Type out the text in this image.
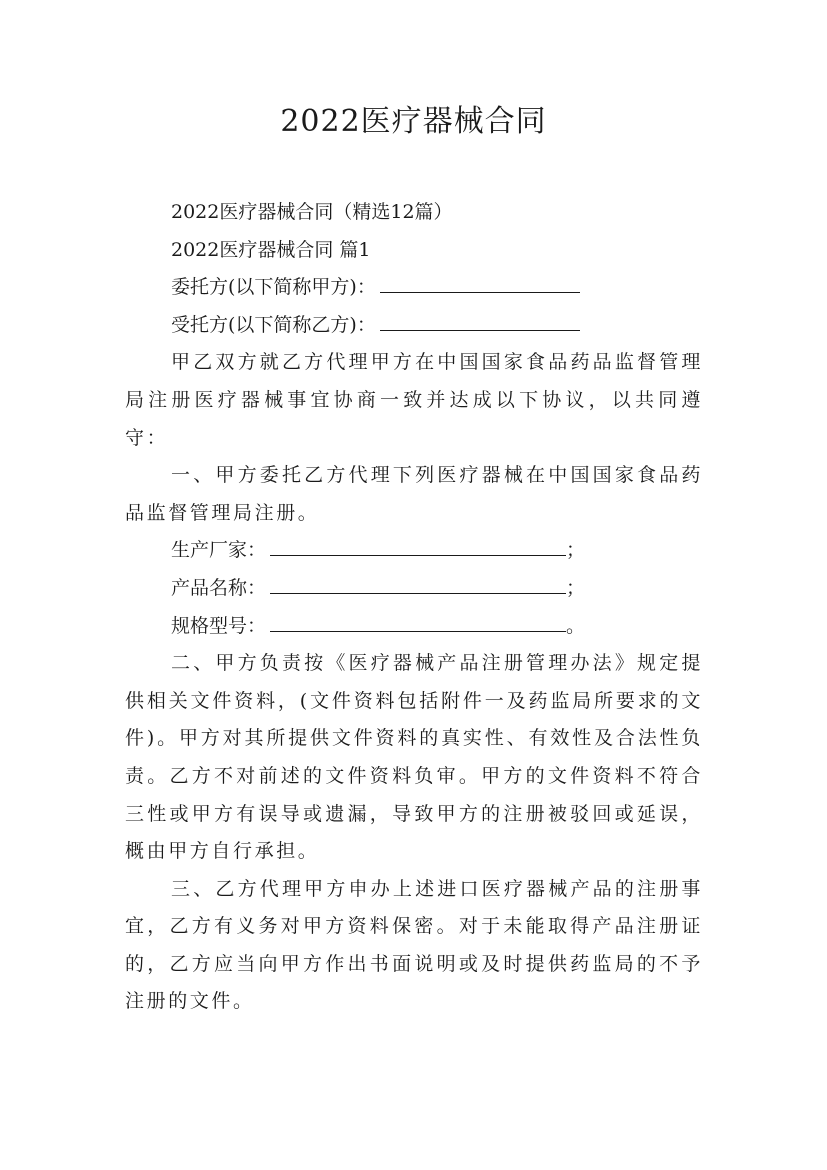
2022医疗器械合同

2022医疗器械合同（精选12篇）

2022医疗器械合同 篇1

委托方(以下简称甲方)：

受托方(以下简称乙方)：

甲乙双方就乙方代理甲方在中国国家食品药品监督管理局注册医疗器械事宜协商一致并达成以下协议，以共同遵守：

一、甲方委托乙方代理下列医疗器械在中国国家食品药品监督管理局注册。

生产厂家：	；

产品名称：	；

规格型号：	。

二、甲方负责按《医疗器械产品注册管理办法》规定提供相关文件资料，(文件资料包括附件一及药监局所要求的文件)。甲方对其所提供文件资料的真实性、有效性及合法性负责。乙方不对前述的文件资料负审。甲方的文件资料不符合三性或甲方有误导或遗漏，导致甲方的注册被驳回或延误，概由甲方自行承担。

三、乙方代理甲方申办上述进口医疗器械产品的注册事宜，乙方有义务对甲方资料保密。对于未能取得产品注册证的，乙方应当向甲方作出书面说明或及时提供药监局的不予注册的文件。
